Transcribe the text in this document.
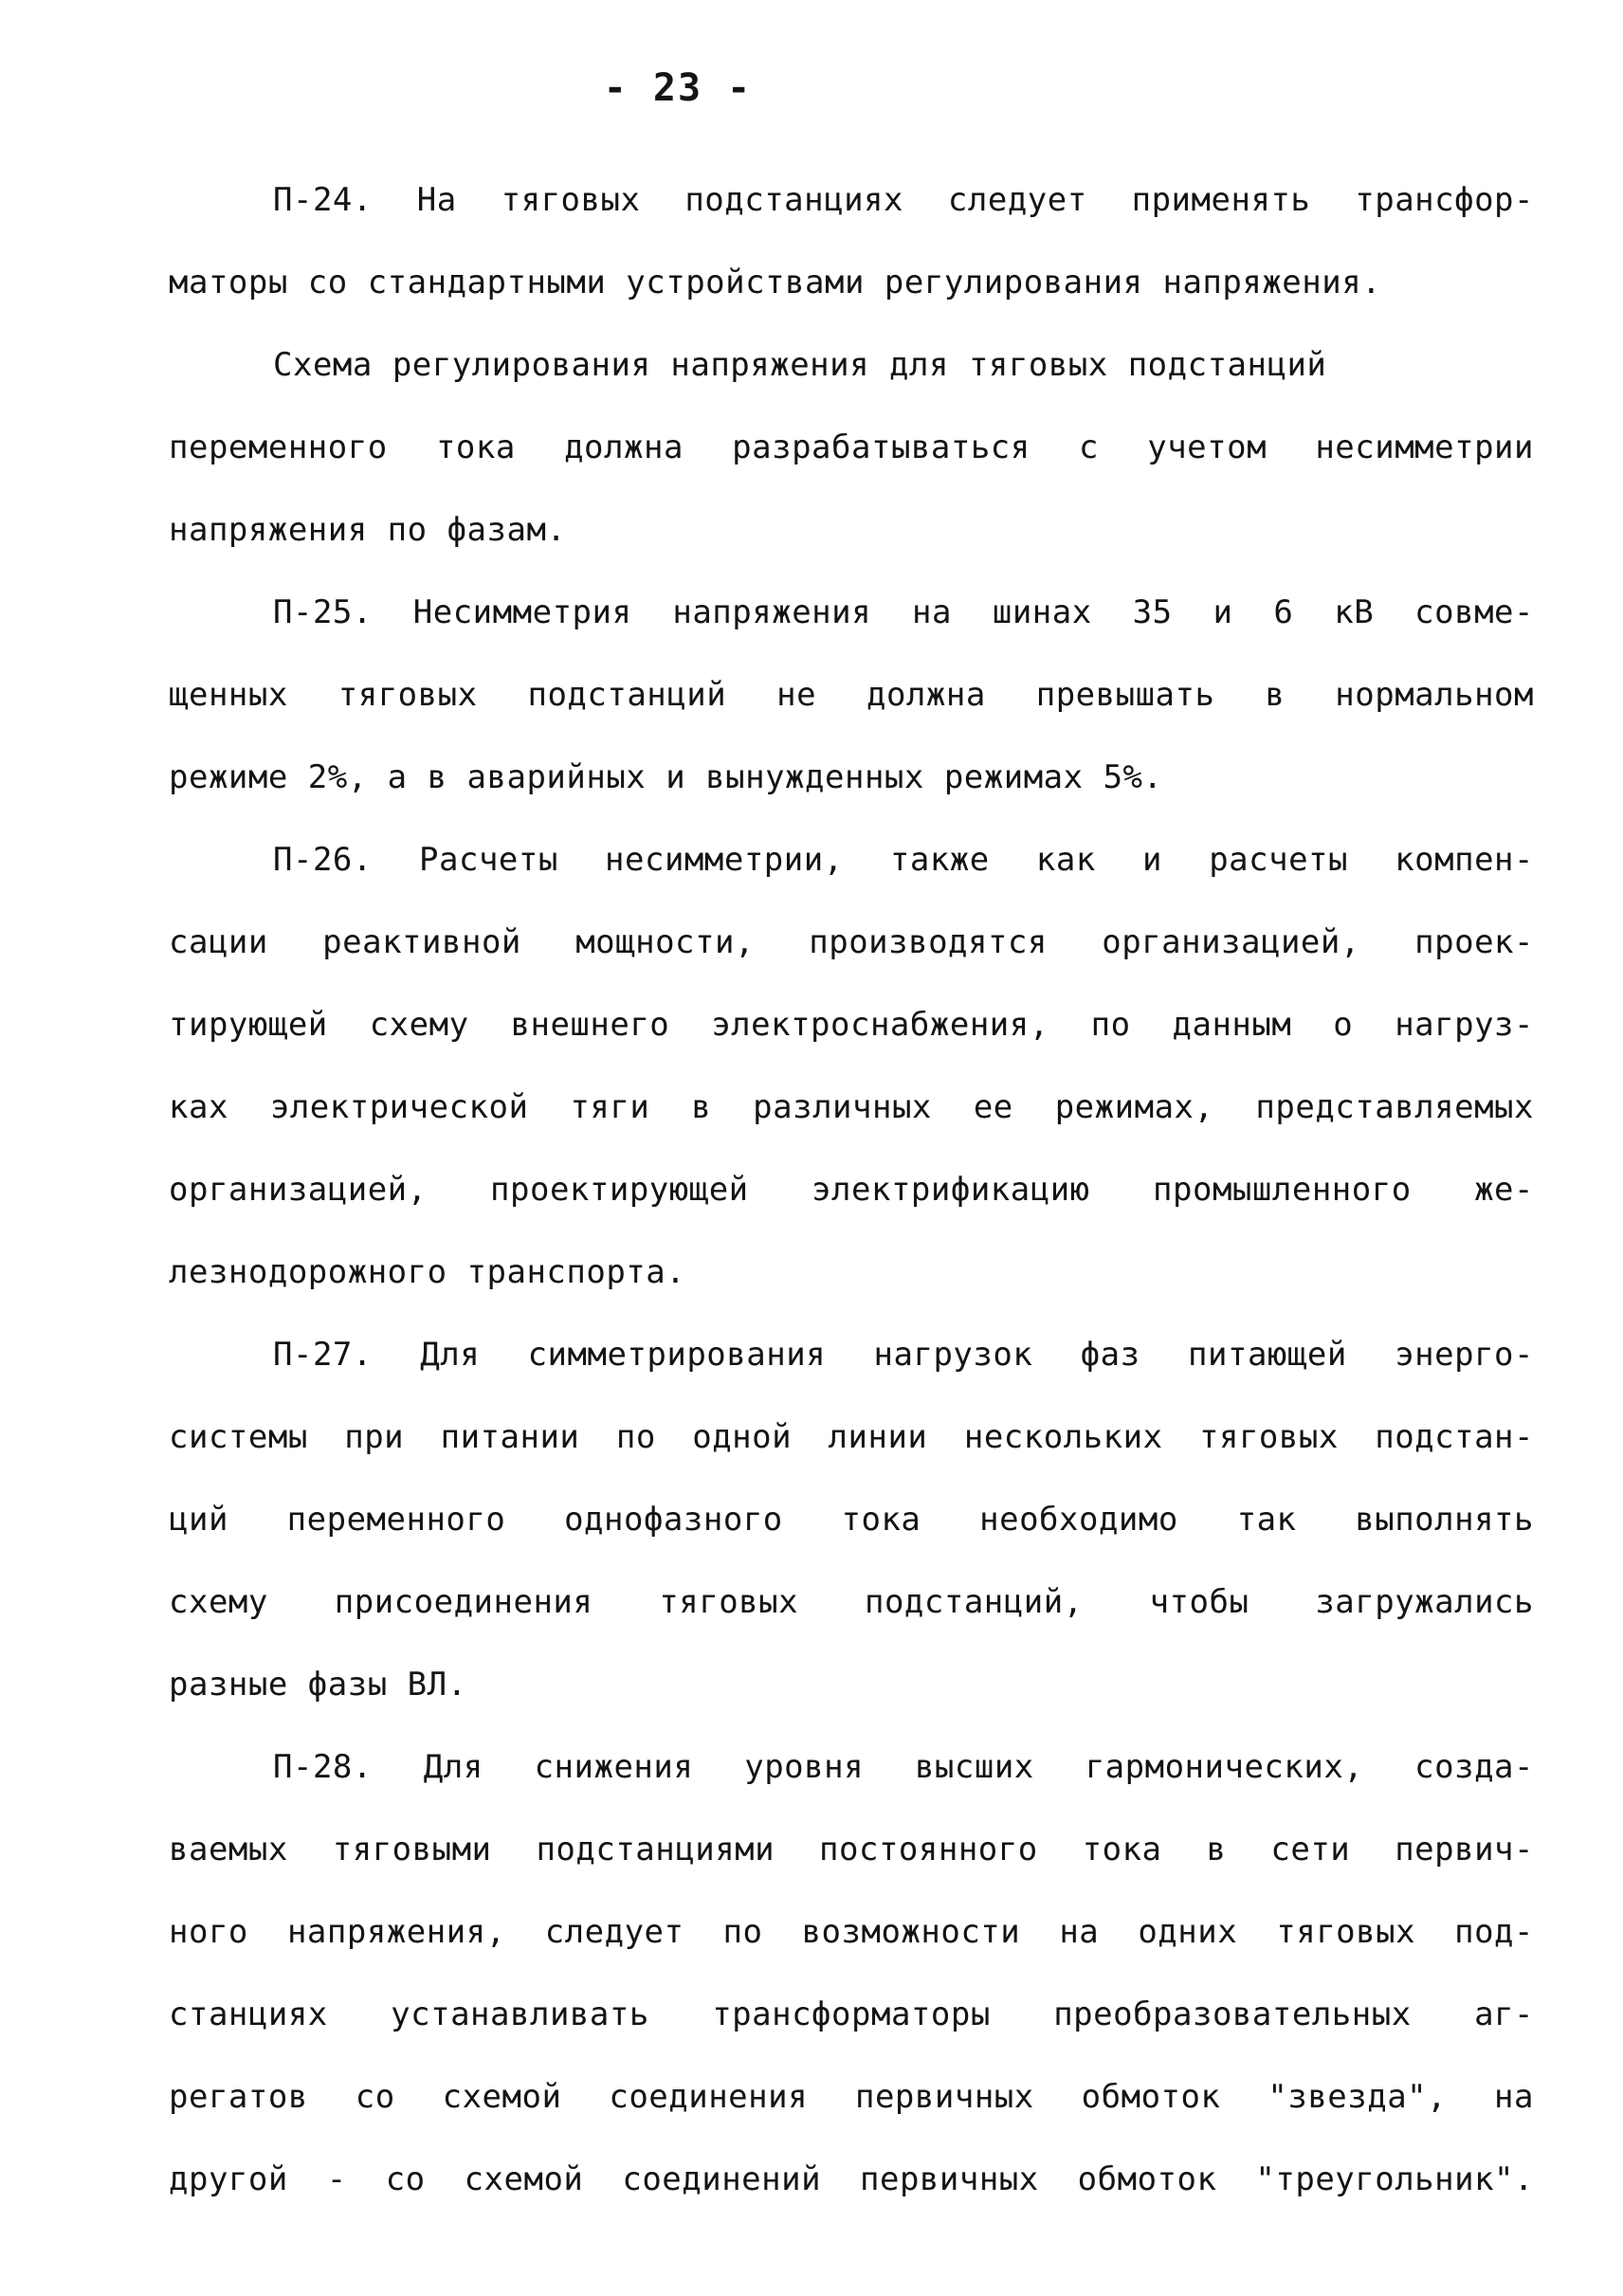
- 23 -
П-24. На тяговых подстанциях следует применять трансфор-
маторы со стандартными устройствами регулирования напряжения.
Схема регулирования напряжения для тяговых подстанций
переменного тока должна разрабатываться с учетом несимметрии
напряжения по фазам.
П-25. Несимметрия напряжения на шинах 35 и 6 кВ совме-
щенных тяговых подстанций не должна превышать в нормальном
режиме 2%, а в аварийных и вынужденных режимах 5%.
П-26. Расчеты несимметрии, также как и расчеты компен-
сации реактивной мощности, производятся организацией, проек-
тирующей схему внешнего электроснабжения, по данным о нагруз-
ках электрической тяги в различных ее режимах, представляемых
организацией, проектирующей электрификацию промышленного же-
лезнодорожного транспорта.
П-27. Для симметрирования нагрузок фаз питающей энерго-
системы при питании по одной линии нескольких тяговых подстан-
ций переменного однофазного тока необходимо так выполнять
схему присоединения тяговых подстанций, чтобы загружались
разные фазы ВЛ.
П-28. Для снижения уровня высших гармонических, созда-
ваемых тяговыми подстанциями постоянного тока в сети первич-
ного напряжения, следует по возможности на одних тяговых под-
станциях устанавливать трансформаторы преобразовательных аг-
регатов со схемой соединения первичных обмоток "звезда", на
другой - со схемой соединений первичных обмоток "треугольник".
